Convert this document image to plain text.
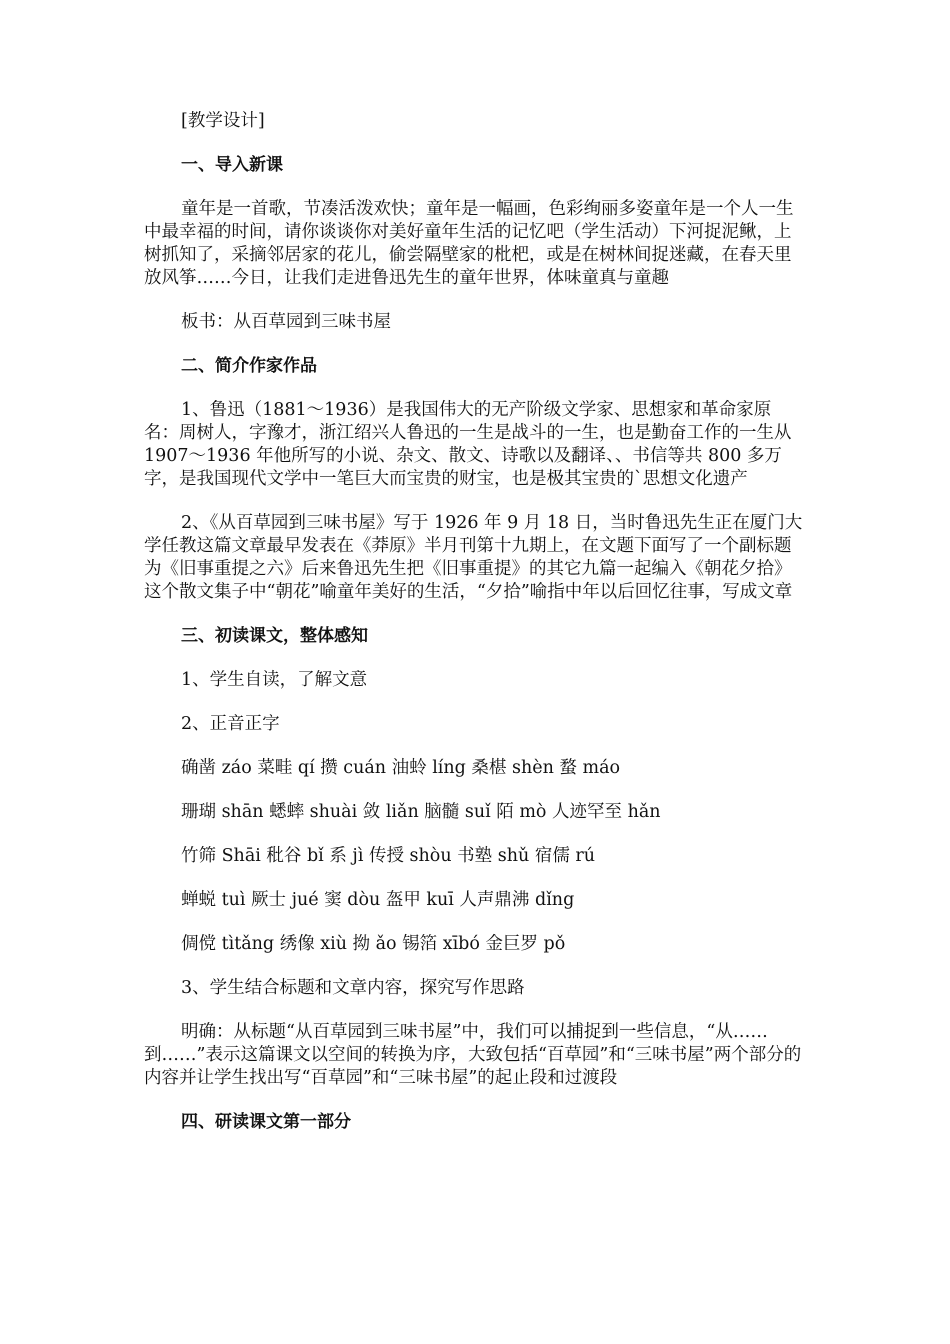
[教学设计]

一、导入新课

童年是一首歌，节凑活泼欢快；童年是一幅画，色彩绚丽多姿童年是一个人一生中最幸福的时间，请你谈谈你对美好童年生活的记忆吧（学生活动）下河捉泥鳅，上树抓知了，采摘邻居家的花儿，偷尝隔壁家的枇杷，或是在树林间捉迷藏，在春天里放风筝……今日，让我们走进鲁迅先生的童年世界，体味童真与童趣

板书：从百草园到三味书屋

二、简介作家作品

1、鲁迅（1881～1936）是我国伟大的无产阶级文学家、思想家和革命家原名：周树人，字豫才，浙江绍兴人鲁迅的一生是战斗的一生，也是勤奋工作的一生从 1907～1936 年他所写的小说、杂文、散文、诗歌以及翻译、、书信等共 800 多万字，是我国现代文学中一笔巨大而宝贵的财宝，也是极其宝贵的`思想文化遗产

2、《从百草园到三味书屋》写于 1926 年 9 月 18 日，当时鲁迅先生正在厦门大学任教这篇文章最早发表在《莽原》半月刊第十九期上，在文题下面写了一个副标题为《旧事重提之六》后来鲁迅先生把《旧事重提》的其它九篇一起编入《朝花夕拾》这个散文集子中“朝花”喻童年美好的生活，“夕拾”喻指中年以后回忆往事，写成文章

三、初读课文，整体感知

1、学生自读，了解文意

2、正音正字

确凿 záo 菜畦 qí 攒 cuán 油蛉 líng 桑椹 shèn 蝥 máo

珊瑚 shān 蟋蟀 shuài 敛 liǎn 脑髓 suǐ 陌 mò 人迹罕至 hǎn

竹筛 Shāi 秕谷 bǐ 系 jì 传授 shòu 书塾 shǔ 宿儒 rú

蝉蜕 tuì 厥士 jué 窦 dòu 盔甲 kuī 人声鼎沸 dǐng

倜傥 tìtǎng 绣像 xiù 拗 ǎo 锡箔 xībó 金巨罗 pǒ

3、学生结合标题和文章内容，探究写作思路

明确：从标题“从百草园到三味书屋”中，我们可以捕捉到一些信息，“从……到……”表示这篇课文以空间的转换为序，大致包括“百草园”和“三味书屋”两个部分的内容并让学生找出写“百草园”和“三味书屋”的起止段和过渡段

四、研读课文第一部分
